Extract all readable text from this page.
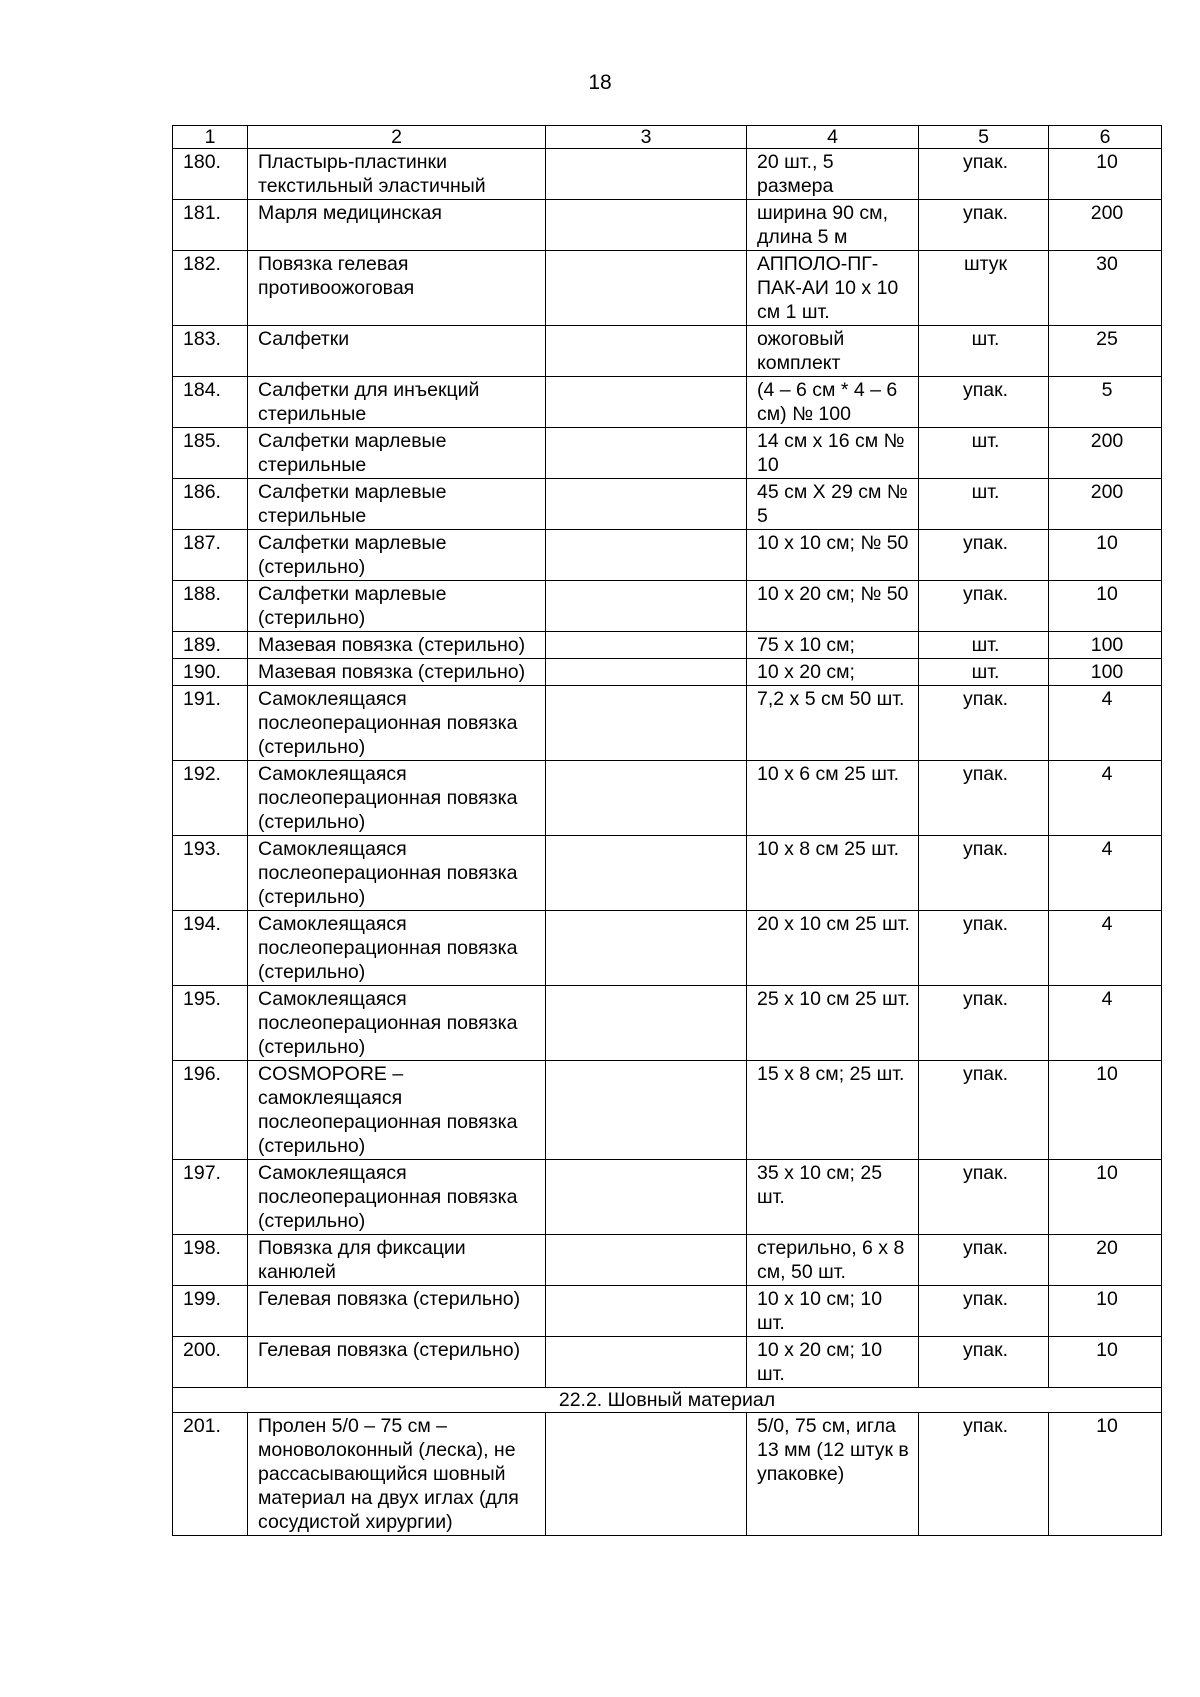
18
1	2	3	4	5	6
180.	Пластырь-пластинки текстильный эластичный		20 шт., 5 размера	упак.	10
181.	Марля медицинская		ширина 90 см, длина 5 м	упак.	200
182.	Повязка гелевая противоожоговая		АППОЛО-ПГ-ПАК-АИ 10 х 10 см 1 шт.	штук	30
183.	Салфетки		ожоговый комплект	шт.	25
184.	Салфетки для инъекций стерильные		(4 – 6 см * 4 – 6 см) № 100	упак.	5
185.	Салфетки марлевые стерильные		14 см х 16 см № 10	шт.	200
186.	Салфетки марлевые стерильные		45 см Х 29 см № 5	шт.	200
187.	Салфетки марлевые (стерильно)		10 х 10 см; № 50	упак.	10
188.	Салфетки марлевые (стерильно)		10 х 20 см; № 50	упак.	10
189.	Мазевая повязка (стерильно)		75 х 10 см;	шт.	100
190.	Мазевая повязка (стерильно)		10 х 20 см;	шт.	100
191.	Самоклеящаяся послеоперационная повязка (стерильно)		7,2 х 5 см 50 шт.	упак.	4
192.	Самоклеящаяся послеоперационная повязка (стерильно)		10 х 6 см 25 шт.	упак.	4
193.	Самоклеящаяся послеоперационная повязка (стерильно)		10 х 8 см 25 шт.	упак.	4
194.	Самоклеящаяся послеоперационная повязка (стерильно)		20 х 10 см 25 шт.	упак.	4
195.	Самоклеящаяся послеоперационная повязка (стерильно)		25 х 10 см 25 шт.	упак.	4
196.	COSMOPORE – самоклеящаяся послеоперационная повязка (стерильно)		15 х 8 см; 25 шт.	упак.	10
197.	Самоклеящаяся послеоперационная повязка (стерильно)		35 х 10 см; 25 шт.	упак.	10
198.	Повязка для фиксации канюлей		стерильно, 6 х 8 см, 50 шт.	упак.	20
199.	Гелевая повязка (стерильно)		10 х 10 см; 10 шт.	упак.	10
200.	Гелевая повязка (стерильно)		10 х 20 см; 10 шт.	упак.	10
22.2. Шовный материал					
201.	Пролен 5/0 – 75 см – моноволоконный (леска), не рассасывающийся шовный материал на двух иглах (для сосудистой хирургии)		5/0, 75 см, игла 13 мм (12 штук в упаковке)	упак.	10
